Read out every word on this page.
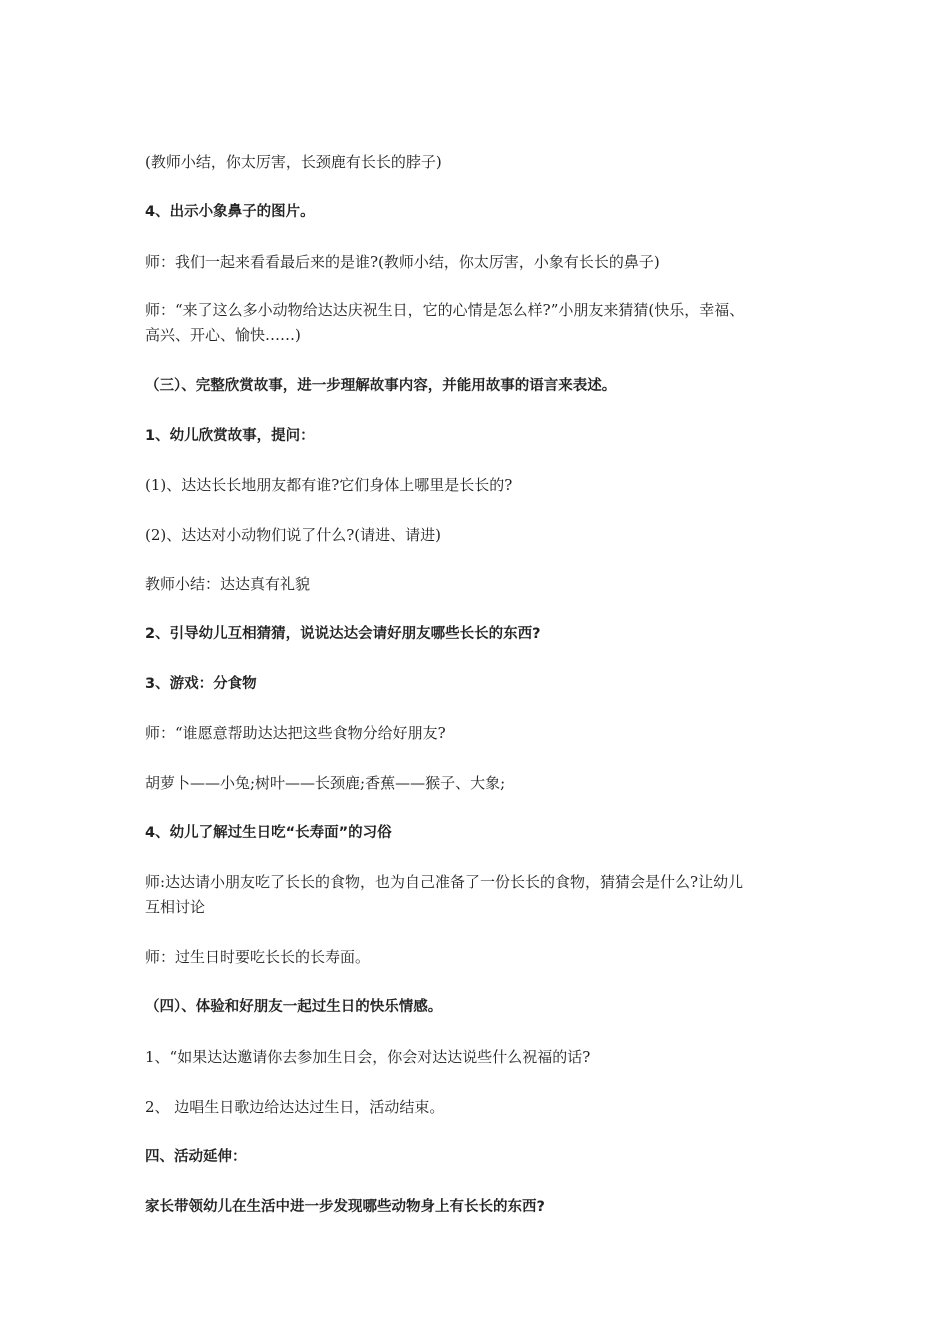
(教师小结，你太厉害，长颈鹿有长长的脖子)

4、出示小象鼻子的图片。

师：我们一起来看看最后来的是谁?(教师小结，你太厉害，小象有长长的鼻子)

师：“来了这么多小动物给达达庆祝生日，它的心情是怎么样?”小朋友来猜猜(快乐，幸福、
高兴、开心、愉快……)

（三）、完整欣赏故事，进一步理解故事内容，并能用故事的语言来表述。

1、幼儿欣赏故事，提问：

(1)、达达长长地朋友都有谁?它们身体上哪里是长长的?

(2)、达达对小动物们说了什么?(请进、请进)

教师小结：达达真有礼貌

2、引导幼儿互相猜猜，说说达达会请好朋友哪些长长的东西?

3、游戏：分食物

师：“谁愿意帮助达达把这些食物分给好朋友?

胡萝卜——小兔;树叶——长颈鹿;香蕉——猴子、大象;

4、幼儿了解过生日吃“长寿面”的习俗

师:达达请小朋友吃了长长的食物，也为自己准备了一份长长的食物，猜猜会是什么?让幼儿
互相讨论

师：过生日时要吃长长的长寿面。

（四）、体验和好朋友一起过生日的快乐情感。

1、“如果达达邀请你去参加生日会，你会对达达说些什么祝福的话?

2、 边唱生日歌边给达达过生日，活动结束。

四、活动延伸：

家长带领幼儿在生活中进一步发现哪些动物身上有长长的东西?
